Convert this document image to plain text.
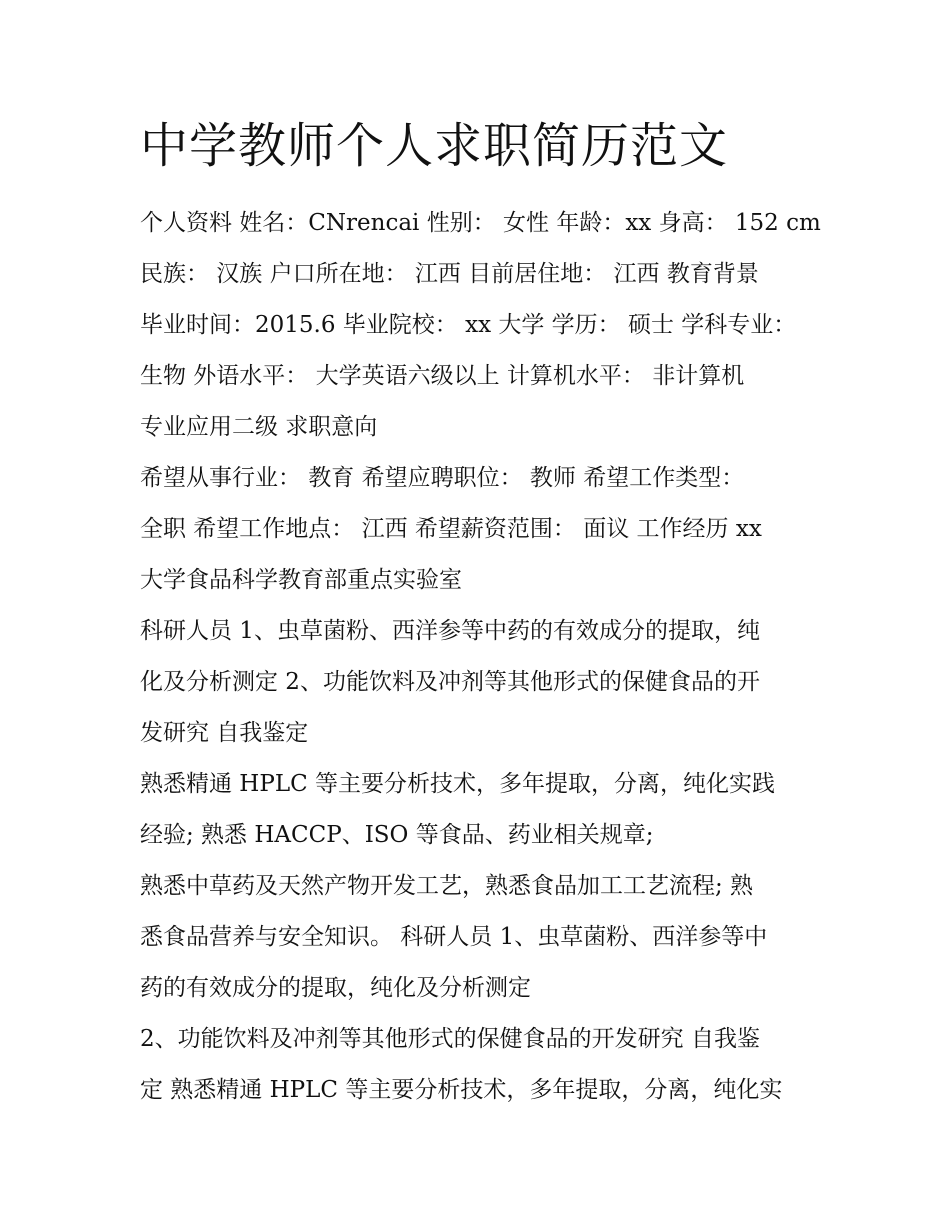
中学教师个人求职简历范文

个人资料 姓名：CNrencai 性别： 女性 年龄：xx 身高： 152 cm

民族： 汉族 户口所在地： 江西 目前居住地： 江西 教育背景

毕业时间：2015.6 毕业院校： xx 大学 学历： 硕士 学科专业：

生物 外语水平： 大学英语六级以上 计算机水平： 非计算机

专业应用二级 求职意向

希望从事行业： 教育 希望应聘职位： 教师 希望工作类型：

全职 希望工作地点： 江西 希望薪资范围： 面议 工作经历 xx

大学食品科学教育部重点实验室

科研人员 1、虫草菌粉、西洋参等中药的有效成分的提取，纯

化及分析测定 2、功能饮料及冲剂等其他形式的保健食品的开

发研究 自我鉴定

熟悉精通 HPLC 等主要分析技术，多年提取，分离，纯化实践

经验; 熟悉 HACCP、ISO 等食品、药业相关规章;

熟悉中草药及天然产物开发工艺，熟悉食品加工工艺流程; 熟

悉食品营养与安全知识。 科研人员 1、虫草菌粉、西洋参等中

药的有效成分的提取，纯化及分析测定

2、功能饮料及冲剂等其他形式的保健食品的开发研究 自我鉴

定 熟悉精通 HPLC 等主要分析技术，多年提取，分离，纯化实
